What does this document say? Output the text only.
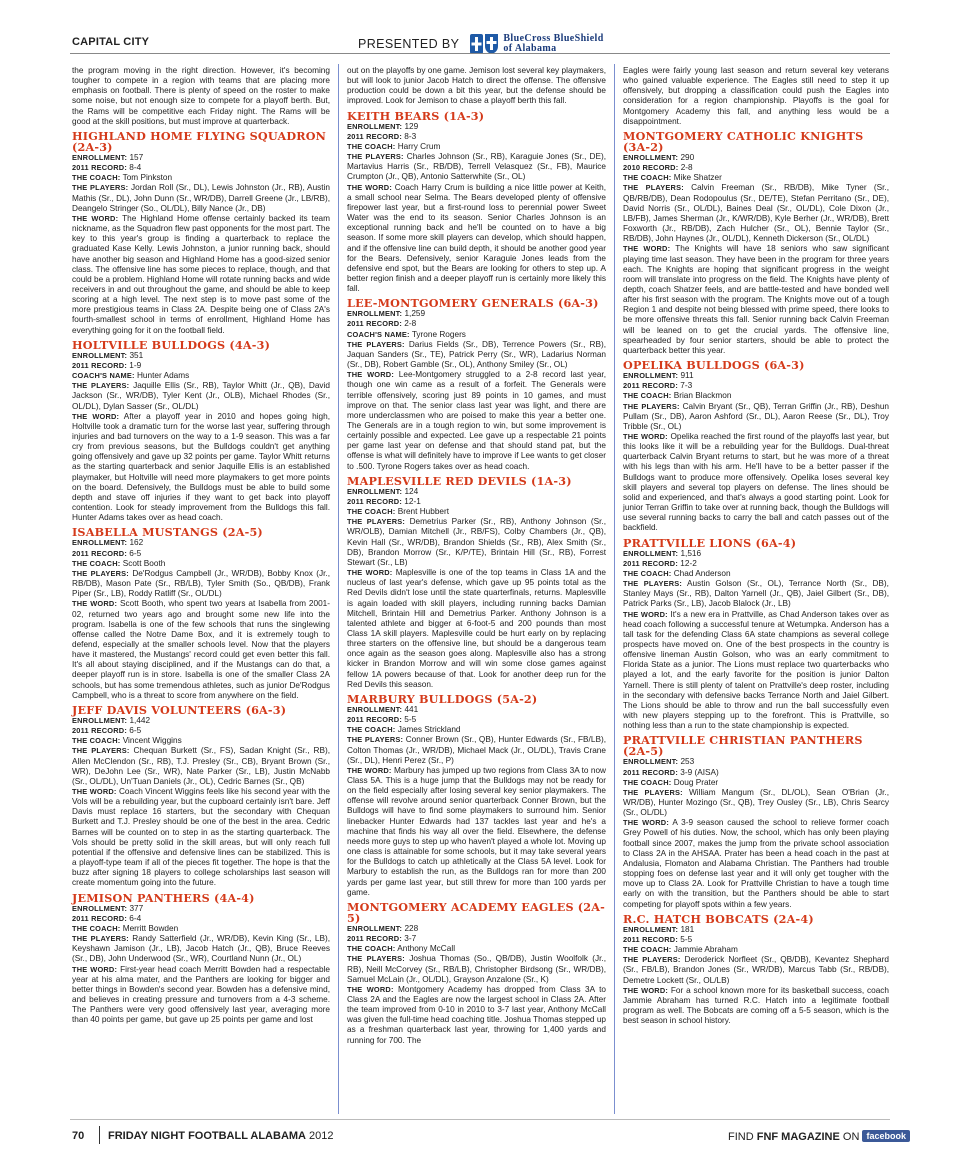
CAPITAL CITY	PRESENTED BY	BlueCross BlueShield
of Alabama

the program moving in the right direction. However, it's becoming tougher to compete in a region with teams that are placing more emphasis on football. There is plenty of speed on the roster to make some noise, but not enough size to compete for a playoff berth. But, the Rams will be competitive each Friday night. The Rams will be good at the skill positions, but must improve at quarterback.

HIGHLAND HOME FLYING SQUADRON (2A-3)

ENROLLMENT: 157

2011 RECORD: 8-4

THE COACH: Tom Pinkston

THE PLAYERS: Jordan Roll (Sr., DL), Lewis Johnston (Jr., RB), Austin Mathis (Sr., DL), John Dunn (Sr., WR/DB), Darrell Greene (Jr., LB/RB), Deangelo Stringer (So., OL/DL), Billy Nance (Jr., DB)

THE WORD: The Highland Home offense certainly backed its team nickname, as the Squadron flew past opponents for the most part. The key to this year's group is finding a quarterback to replace the graduated Kase Kelly. Lewis Johnston, a junior running back, should have another big season and Highland Home has a good-sized senior class. The offensive line has some pieces to replace, though, and that could be a problem. Highland Home will rotate running backs and wide receivers in and out throughout the game, and should be able to keep scoring at a high level. The next step is to move past some of the more prestigious teams in Class 2A. Despite being one of Class 2A's fourth-smallest school in terms of enrollment, Highland Home has everything going for it on the football field.

HOLTVILLE BULLDOGS (4A-3)

ENROLLMENT: 351

2011 RECORD: 1-9

COACH'S NAME: Hunter Adams

THE PLAYERS: Jaquille Ellis (Sr., RB), Taylor Whitt (Jr., QB), David Jackson (Sr., WR/DB), Tyler Kent (Jr., OLB), Michael Rhodes (Sr., OL/DL), Dylan Sasser (Sr., OL/DL)

THE WORD: After a playoff year in 2010 and hopes going high, Holtville took a dramatic turn for the worse last year, suffering through injuries and bad turnovers on the way to a 1-9 season. This was a far cry from previous seasons, but the Bulldogs couldn't get anything going offensively and gave up 32 points per game. Taylor Whitt returns as the starting quarterback and senior Jaquille Ellis is an established playmaker, but Holtville will need more playmakers to get more points on the board. Defensively, the Bulldogs must be able to build some depth and stave off injuries if they want to get back into playoff contention. Look for steady improvement from the Bulldogs this fall. Hunter Adams takes over as head coach.

ISABELLA MUSTANGS (2A-5)

ENROLLMENT: 162

2011 RECORD: 6-5

THE COACH: Scott Booth

THE PLAYERS: De'Rodgus Campbell (Jr., WR/DB), Bobby Knox (Jr., RB/DB), Mason Pate (Sr., RB/LB), Tyler Smith (So., QB/DB), Frank Piper (Sr., LB), Roddy Ratliff (Sr., OL/DL)

THE WORD: Scott Booth, who spent two years at Isabella from 2001-02, returned two years ago and brought some new life into the program. Isabella is one of the few schools that runs the singlewing offense called the Notre Dame Box, and it is extremely tough to defend, especially at the smaller schools level. Now that the players have it mastered, the Mustangs' record could get even better this fall. It's all about staying disciplined, and if the Mustangs can do that, a deeper playoff run is in store. Isabella is one of the smaller Class 2A schools, but has some tremendous athletes, such as junior De'Rodgus Campbell, who is a threat to score from anywhere on the field.

JEFF DAVIS VOLUNTEERS (6A-3)

ENROLLMENT: 1,442

2011 RECORD: 6-5

THE COACH: Vincent Wiggins

THE PLAYERS: Chequan Burkett (Sr., FS), Sadan Knight (Sr., RB), Allen McClendon (Sr., RB), T.J. Presley (Sr., CB), Bryant Brown (Sr., WR), DeJohn Lee (Sr., WR), Nate Parker (Sr., LB), Justin McNabb (Sr., OL/DL), Un'Tuan Daniels (Jr., OL), Cedric Barnes (Sr., QB)

THE WORD: Coach Vincent Wiggins feels like his second year with the Vols will be a rebuilding year, but the cupboard certainly isn't bare. Jeff Davis must replace 16 starters, but the secondary with Chequan Burkett and T.J. Presley should be one of the best in the area. Cedric Barnes will be counted on to step in as the starting quarterback. The Vols should be pretty solid in the skill areas, but will only reach full potential if the offensive and defensive lines can be stabilized. This is a playoff-type team if all of the pieces fit together. The hope is that the buzz after signing 18 players to college scholarships last season will create momentum going into the future.

JEMISON PANTHERS (4A-4)

ENROLLMENT: 377

2011 RECORD: 6-4

THE COACH: Merritt Bowden

THE PLAYERS: Randy Satterfield (Jr., WR/DB), Kevin King (Sr., LB), Keyshawn Jamison (Jr., LB), Jacob Hatch (Jr., QB), Bruce Reeves (Sr., DB), John Underwood (Sr., WR), Courtland Nunn (Jr., OL)

THE WORD: First-year head coach Merritt Bowden had a respectable year at his alma mater, and the Panthers are looking for bigger and better things in Bowden's second year. Bowden has a defensive mind, and believes in creating pressure and turnovers from a 4-3 scheme. The Panthers were very good offensively last year, averaging more than 40 points per game, but gave up 25 points per game and lost

out on the playoffs by one game. Jemison lost several key playmakers, but will look to junior Jacob Hatch to direct the offense. The offensive production could be down a bit this year, but the defense should be improved. Look for Jemison to chase a playoff berth this fall.

KEITH BEARS (1A-3)

ENROLLMENT: 129

2011 RECORD: 8-3

THE COACH: Harry Crum

THE PLAYERS: Charles Johnson (Sr., RB), Karaguie Jones (Sr., DE), Martavius Harris (Sr., RB/DB), Terrell Velasquez (Sr., FB), Maurice Crumpton (Jr., QB), Antonio Satterwhite (Sr., OL)

THE WORD: Coach Harry Crum is building a nice little power at Keith, a small school near Selma. The Bears developed plenty of offensive firepower last year, but a first-round loss to perennial power Sweet Water was the end to its season. Senior Charles Johnson is an exceptional running back and he'll be counted on to have a big season. If some more skill players can develop, which should happen, and if the offensive line can build depth, it should be another good year for the Bears. Defensively, senior Karaguie Jones leads from the defensive end spot, but the Bears are looking for others to step up. A better region finish and a deeper playoff run is certainly more likely this fall.

LEE-MONTGOMERY GENERALS (6A-3)

ENROLLMENT: 1,259

2011 RECORD: 2-8

COACH'S NAME: Tyrone Rogers

THE PLAYERS: Darius Fields (Sr., DB), Terrence Powers (Sr., RB), Jaquan Sanders (Sr., TE), Patrick Perry (Sr., WR), Ladarius Norman (Sr., DB), Robert Gamble (Sr., OL), Anthony Smiley (Sr., OL)

THE WORD: Lee-Montgomery struggled to a 2-8 record last year, though one win came as a result of a forfeit. The Generals were terrible offensively, scoring just 89 points in 10 games, and must improve on that. The senior class last year was light, and there are more underclassmen who are poised to make this year a better one. The Generals are in a tough region to win, but some improvement is certainly possible and expected. Lee gave up a respectable 21 points per game last year on defense and that should stand pat, but the offense is what will definitely have to improve if Lee wants to get closer to .500. Tyrone Rogers takes over as head coach.

MAPLESVILLE RED DEVILS (1A-3)

ENROLLMENT: 124

2011 RECORD: 12-1

THE COACH: Brent Hubbert

THE PLAYERS: Demetrius Parker (Sr., RB), Anthony Johnson (Sr., WR/OLB), Damian Mitchell (Jr., RB/FS), Colby Chambers (Jr., QB), Kevin Hall (Sr., WR/DB), Brandon Shields (Sr., RB), Alex Smith (Sr., DB), Brandon Morrow (Sr., K/P/TE), Brintain Hill (Sr., RB), Forrest Stewart (Sr., LB)

THE WORD: Maplesville is one of the top teams in Class 1A and the nucleus of last year's defense, which gave up 95 points total as the Red Devils didn't lose until the state quarterfinals, returns. Maplesville is again loaded with skill players, including running backs Damian Mitchell, Brintain Hill and Demetrius Parker. Anthony Johnson is a talented athlete and bigger at 6-foot-5 and 200 pounds than most Class 1A skill players. Maplesville could be hurt early on by replacing three starters on the offensive line, but should be a dangerous team once again as the season goes along. Maplesville also has a strong kicker in Brandon Morrow and will win some close games against fellow 1A powers because of that. Look for another deep run for the Red Devils this season.

MARBURY BULLDOGS (5A-2)

ENROLLMENT: 441

2011 RECORD: 5-5

THE COACH: James Strickland

THE PLAYERS: Conner Brown (Sr., QB), Hunter Edwards (Sr., FB/LB), Colton Thomas (Jr., WR/DB), Michael Mack (Jr., OL/DL), Travis Crane (Sr., DL), Henri Perez (Sr., P)

THE WORD: Marbury has jumped up two regions from Class 3A to now Class 5A. This is a huge jump that the Bulldogs may not be ready for on the field especially after losing several key senior playmakers. The offense will revolve around senior quarterback Conner Brown, but the Bulldogs will have to find some playmakers to surround him. Senior linebacker Hunter Edwards had 137 tackles last year and he's a machine that finds his way all over the field. Elsewhere, the defense needs more guys to step up who haven't played a whole lot. Moving up one class is attainable for some schools, but it may take several years for the Bulldogs to catch up athletically at the Class 5A level. Look for Marbury to establish the run, as the Bulldogs ran for more than 200 yards per game last year, but still threw for more than 100 yards per game.

MONTGOMERY ACADEMY EAGLES (2A-5)

ENROLLMENT: 228

2011 RECORD: 3-7

THE COACH: Anthony McCall

THE PLAYERS: Joshua Thomas (So., QB/DB), Justin Woolfolk (Jr., RB), Neill McCorvey (Sr., RB/LB), Christopher Birdsong (Sr., WR/DB), Samuel McLain (Jr., OL/DL), Grayson Anzalone (Sr., K)

THE WORD: Montgomery Academy has dropped from Class 3A to Class 2A and the Eagles are now the largest school in Class 2A. After the team improved from 0-10 in 2010 to 3-7 last year, Anthony McCall was given the full-time head coaching title. Joshua Thomas stepped up as a freshman quarterback last year, throwing for 1,400 yards and running for 700. The

Eagles were fairly young last season and return several key veterans who gained valuable experience. The Eagles still need to step it up offensively, but dropping a classification could push the Eagles into consideration for a region championship. Playoffs is the goal for Montgomery Academy this fall, and anything less would be a disappointment.

MONTGOMERY CATHOLIC KNIGHTS (3A-2)

ENROLLMENT: 290

2010 RECORD: 2-8

THE COACH: Mike Shatzer

THE PLAYERS: Calvin Freeman (Sr., RB/DB), Mike Tyner (Sr., QB/RB/DB), Dean Rodopoulus (Sr., DE/TE), Stefan Perritano (Sr., DE), David Norris (Sr., OL/DL), Baines Deal (Sr., OL/DL), Cole Dixon (Jr., LB/FB), James Sherman (Jr., K/WR/DB), Kyle Berher (Jr., WR/DB), Brett Foxworth (Jr., RB/DB), Zach Hulcher (Sr., OL), Bennie Taylor (Sr., RB/DB), John Haynes (Jr., OL/DL), Kenneth Dickerson (Sr., OL/DL)

THE WORD: The Knights will have 18 seniors who saw significant playing time last season. They have been in the program for three years each. The Knights are hoping that significant progress in the weight room will translate into progress on the field. The Knights have plenty of depth, coach Shatzer feels, and are battle-tested and have bonded well after his first season with the program. The Knights move out of a tough Region 1 and despite not being blessed with prime speed, there looks to be more offensive threats this fall. Senior running back Calvin Freeman will be leaned on to get the crucial yards. The offensive line, spearheaded by four senior starters, should be able to protect the quarterback better this year.

OPELIKA BULLDOGS (6A-3)

ENROLLMENT: 911

2011 RECORD: 7-3

THE COACH: Brian Blackmon

THE PLAYERS: Calvin Bryant (Sr., QB), Terran Griffin (Jr., RB), Deshun Pullam (Sr., DB), Aaron Ashford (Sr., DL), Aaron Reese (Sr., DL), Troy Tribble (Sr., OL)

THE WORD: Opelika reached the first round of the playoffs last year, but this looks like it will be a rebuilding year for the Bulldogs. Dual-threat quarterback Calvin Bryant returns to start, but he was more of a threat with his legs than with his arm. He'll have to be a better passer if the Bulldogs want to produce more offensively. Opelika loses several key skill players and several top players on defense. The lines should be solid and experienced, and that's always a good starting point. Look for junior Terran Griffin to take over at running back, though the Bulldogs will use several running backs to carry the ball and catch passes out of the backfield.

PRATTVILLE LIONS (6A-4)

ENROLLMENT: 1,516

2011 RECORD: 12-2

THE COACH: Chad Anderson

THE PLAYERS: Austin Golson (Sr., OL), Terrance North (Sr., DB), Stanley Mays (Sr., RB), Dalton Yarnell (Jr., QB), Jaiel Gilbert (Sr., DB), Patrick Parks (Sr., LB), Jacob Blalock (Jr., LB)

THE WORD: It's a new era in Prattville, as Chad Anderson takes over as head coach following a successful tenure at Wetumpka. Anderson has a tall task for the defending Class 6A state champions as several college prospects have moved on. One of the best prospects in the country is offensive lineman Austin Golson, who was an early commitment to Florida State as a junior. The Lions must replace two quarterbacks who played a lot, and the early favorite for the position is junior Dalton Yarnell. There is still plenty of talent on Prattville's deep roster, including in the secondary with defensive backs Terrance North and Jaiel Gilbert. The Lions should be able to throw and run the ball successfully even with new players stepping up to the forefront. This is Prattville, so nothing less than a run to the state championship is expected.

PRATTVILLE CHRISTIAN PANTHERS (2A-5)

ENROLLMENT: 253

2011 RECORD: 3-9 (AISA)

THE COACH: Doug Prater

THE PLAYERS: William Mangum (Sr., DL/OL), Sean O'Brian (Jr., WR/DB), Hunter Mozingo (Sr., QB), Trey Ousley (Sr., LB), Chris Searcy (Sr., OL/DL)

THE WORD: A 3-9 season caused the school to relieve former coach Grey Powell of his duties. Now, the school, which has only been playing football since 2007, makes the jump from the private school association to Class 2A in the AHSAA. Prater has been a head coach in the past at Andalusia, Flomaton and Alabama Christian. The Panthers had trouble stopping foes on defense last year and it will only get tougher with the move up to Class 2A. Look for Prattville Christian to have a tough time early on with the transition, but the Panthers should be able to start competing for playoff spots within a few years.

R.C. HATCH BOBCATS (2A-4)

ENROLLMENT: 181

2011 RECORD: 5-5

THE COACH: Jammie Abraham

THE PLAYERS: Deroderick Norfleet (Sr., QB/DB), Kevantez Shephard (Sr., FB/LB), Brandon Jones (Sr., WR/DB), Marcus Tabb (Sr., RB/DB), Demetre Lockett (Sr., OL/LB)

THE WORD: For a school known more for its basketball success, coach Jammie Abraham has turned R.C. Hatch into a legitimate football program as well. The Bobcats are coming off a 5-5 season, which is the best season in school history.

70 FRIDAY NIGHT FOOTBALL ALABAMA 2012	FIND FNF MAGAZINE ON facebook
